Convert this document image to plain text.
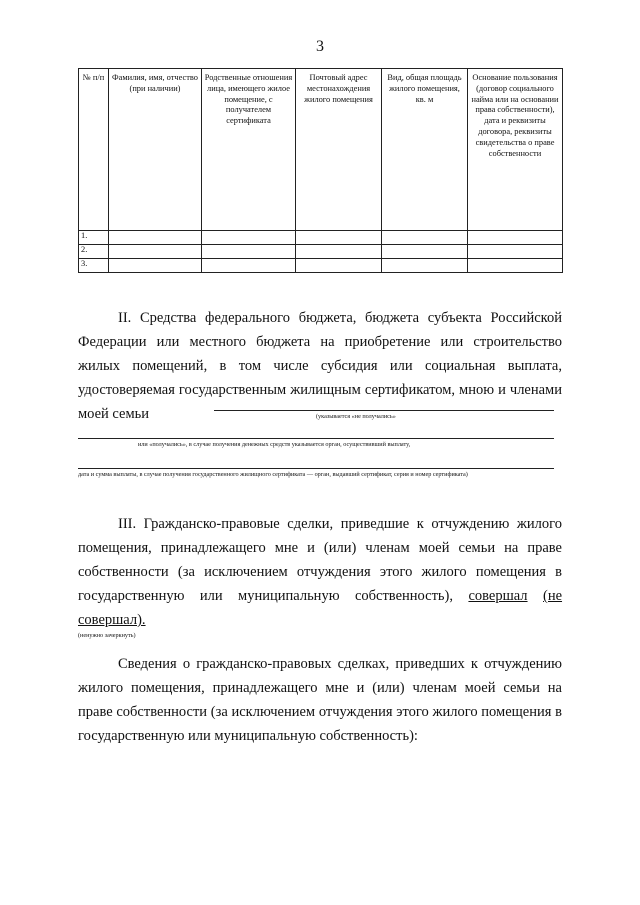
3
№ п/п	Фамилия, имя, отчество (при наличии)	Родственные отношения лица, имеющего жилое помещение, с получателем сертификата	Почтовый адрес местонахождения жилого помещения	Вид, общая площадь жилого помещения, кв. м	Основание пользования (договор социального найма или на основании права собственности), дата и реквизиты договора, реквизиты свидетельства о праве собственности
1.					
2.					
3.					
II. Средства федерального бюджета, бюджета субъекта Российской Федерации или местного бюджета на приобретение или строительство жилых помещений, в том числе субсидия или социальная выплата, удостоверяемая государственным жилищным сертификатом, мною и членами моей семьи	(указывается «не получались»
или «получались», в случае получения денежных средств указывается орган, осуществивший выплату,
дата и сумма выплаты, в случае получения государственного жилищного сертификата — орган, выдавший сертификат, серия и номер сертификата)
III. Гражданско-правовые сделки, приведшие к отчуждению жилого помещения, принадлежащего мне и (или) членам моей семьи на праве собственности (за исключением отчуждения этого жилого помещения в государственную или муниципальную собственность), совершал (не совершал).
(ненужно зачеркнуть)
Сведения о гражданско-правовых сделках, приведших к отчуждению жилого помещения, принадлежащего мне и (или) членам моей семьи на праве собственности (за исключением отчуждения этого жилого помещения в государственную или муниципальную собственность):
